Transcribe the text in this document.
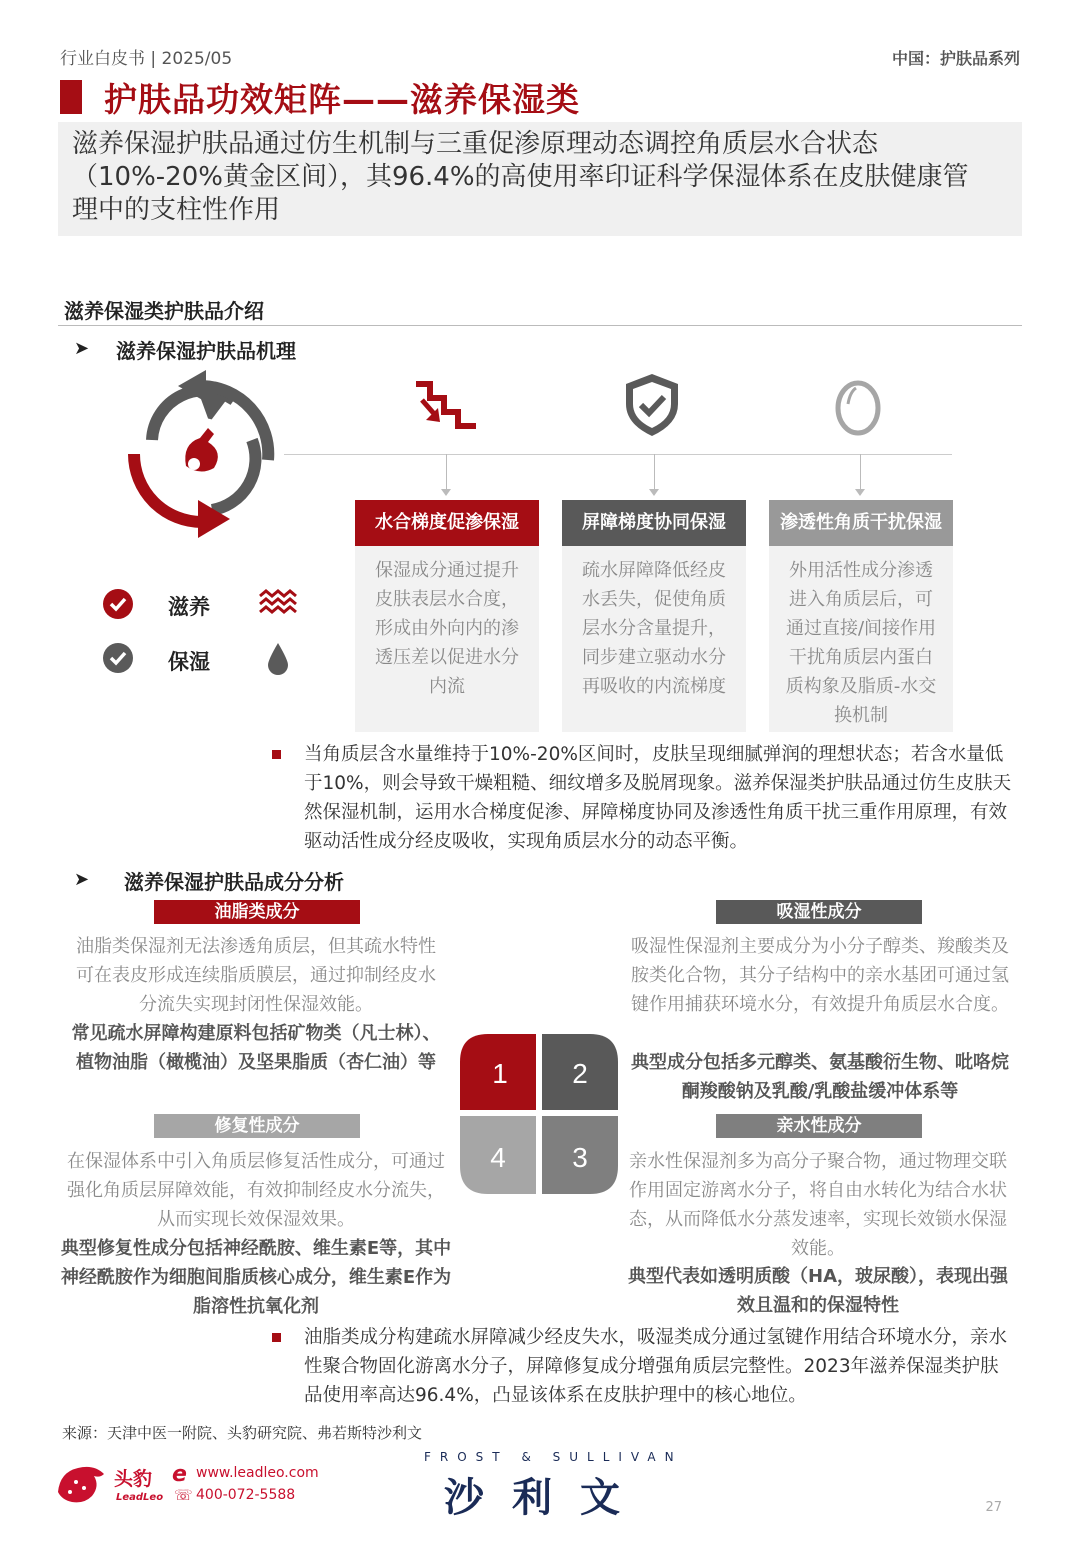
行业白皮书 | 2025/05	中国：护肤品系列
护肤品功效矩阵——滋养保湿类
滋养保湿护肤品通过仿生机制与三重促渗原理动态调控角质层水合状态（10%-20%黄金区间），其96.4%的高使用率印证科学保湿体系在皮肤健康管理中的支柱性作用
滋养保湿类护肤品介绍
➤ 滋养保湿护肤品机理
水合梯度促渗保湿
保湿成分通过提升皮肤表层水合度，形成由外向内的渗透压差以促进水分内流
屏障梯度协同保湿
疏水屏障降低经皮水丢失，促使角质层水分含量提升，同步建立驱动水分再吸收的内流梯度
渗透性角质干扰保湿
外用活性成分渗透进入角质层后，可通过直接/间接作用干扰角质层内蛋白质构象及脂质-水交换机制
滋养
保湿
当角质层含水量维持于10%-20%区间时，皮肤呈现细腻弹润的理想状态；若含水量低于10%，则会导致干燥粗糙、细纹增多及脱屑现象。滋养保湿类护肤品通过仿生皮肤天然保湿机制，运用水合梯度促渗、屏障梯度协同及渗透性角质干扰三重作用原理，有效驱动活性成分经皮吸收，实现角质层水分的动态平衡。
➤ 滋养保湿护肤品成分分析
油脂类成分
油脂类保湿剂无法渗透角质层，但其疏水特性可在表皮形成连续脂质膜层，通过抑制经皮水分流失实现封闭性保湿效能。
常见疏水屏障构建原料包括矿物类（凡士林）、植物油脂（橄榄油）及坚果脂质（杏仁油）等
吸湿性成分
吸湿性保湿剂主要成分为小分子醇类、羧酸类及胺类化合物，其分子结构中的亲水基团可通过氢键作用捕获环境水分，有效提升角质层水合度。
典型成分包括多元醇类、氨基酸衍生物、吡咯烷酮羧酸钠及乳酸/乳酸盐缓冲体系等
修复性成分
在保湿体系中引入角质层修复活性成分，可通过强化角质层屏障效能，有效抑制经皮水分流失，从而实现长效保湿效果。
典型修复性成分包括神经酰胺、维生素E等，其中神经酰胺作为细胞间脂质核心成分，维生素E作为脂溶性抗氧化剂
亲水性成分
亲水性保湿剂多为高分子聚合物，通过物理交联作用固定游离水分子，将自由水转化为结合水状态，从而降低水分蒸发速率，实现长效锁水保湿效能。
典型代表如透明质酸（HA，玻尿酸），表现出强效且温和的保湿特性
1 2
3
4
油脂类成分构建疏水屏障减少经皮失水，吸湿类成分通过氢键作用结合环境水分，亲水性聚合物固化游离水分子，屏障修复成分增强角质层完整性。2023年滋养保湿类护肤品使用率高达96.4%，凸显该体系在皮肤护理中的核心地位。
来源：天津中医一附院、头豹研究院、弗若斯特沙利文
头豹
LeadLeo
e www.leadleo.com
☏ 400-072-5588
FROST & SULLIVAN
沙利文	27
